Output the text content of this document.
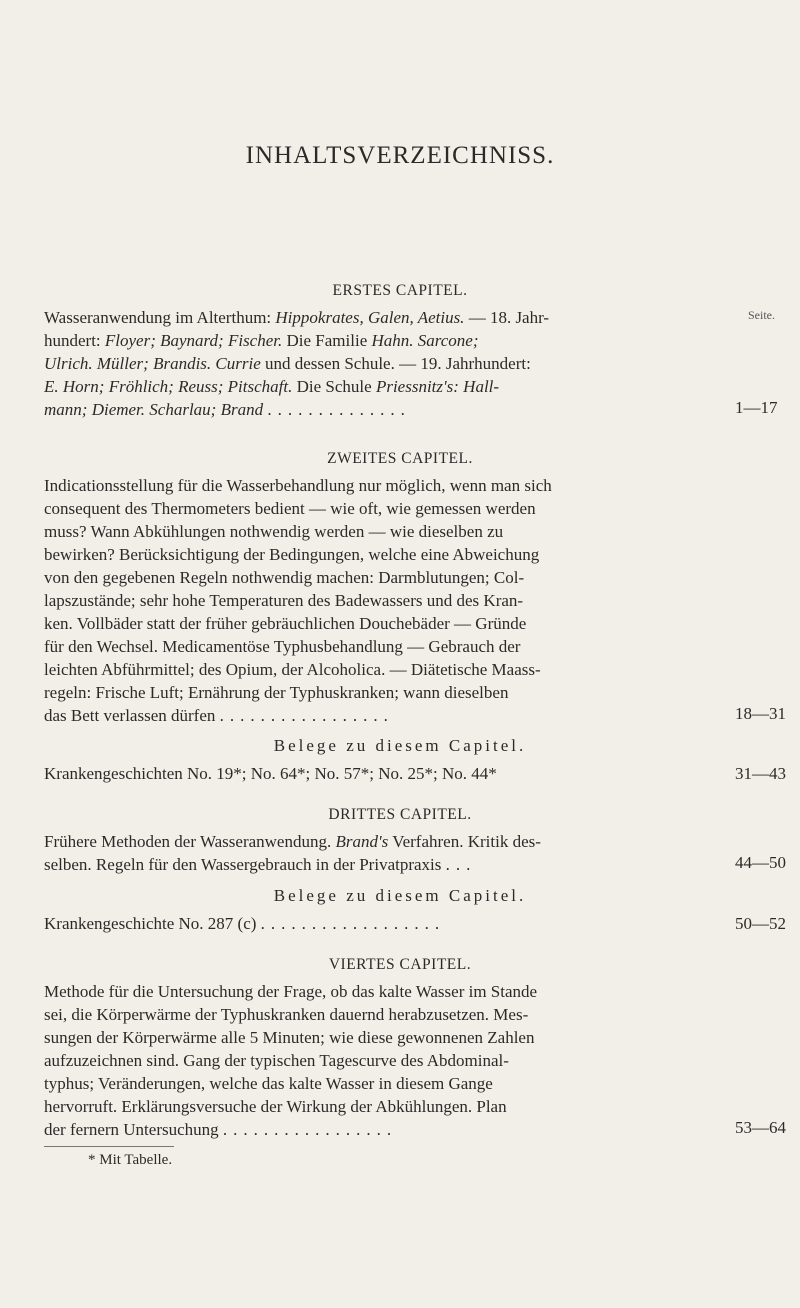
INHALTSVERZEICHNISS.
ERSTES CAPITEL.
Seite.
Wasseranwendung im Alterthum: Hippokrates, Galen, Aetius. — 18. Jahr-
hundert: Floyer; Baynard; Fischer. Die Familie Hahn. Sarcone;
Ulrich. Müller; Brandis. Currie und dessen Schule. — 19. Jahrhundert:
E. Horn; Fröhlich; Reuss; Pitschaft. Die Schule Priessnitz's: Hall-
mann; Diemer. Scharlau; Brand ..............	1—17
ZWEITES CAPITEL.
Indicationsstellung für die Wasserbehandlung nur möglich, wenn man sich
consequent des Thermometers bedient — wie oft, wie gemessen werden
muss? Wann Abkühlungen nothwendig werden — wie dieselben zu
bewirken? Berücksichtigung der Bedingungen, welche eine Abweichung
von den gegebenen Regeln nothwendig machen: Darmblutungen; Col-
lapszustände; sehr hohe Temperaturen des Badewassers und des Kran-
ken. Vollbäder statt der früher gebräuchlichen Douchebäder — Gründe
für den Wechsel. Medicamentöse Typhusbehandlung — Gebrauch der
leichten Abführmittel; des Opium, der Alcoholica. — Diätetische Maass-
regeln: Frische Luft; Ernährung der Typhuskranken; wann dieselben
das Bett verlassen dürfen .................	18—31
Belege zu diesem Capitel.
Krankengeschichten No. 19*; No. 64*; No. 57*; No. 25*; No. 44*	31—43
DRITTES CAPITEL.
Frühere Methoden der Wasseranwendung. Brand's Verfahren. Kritik des-
selben. Regeln für den Wassergebrauch in der Privatpraxis ...	44—50
Belege zu diesem Capitel.
Krankengeschichte No. 287 (c) ..................	50—52
VIERTES CAPITEL.
Methode für die Untersuchung der Frage, ob das kalte Wasser im Stande
sei, die Körperwärme der Typhuskranken dauernd herabzusetzen. Mes-
sungen der Körperwärme alle 5 Minuten; wie diese gewonnenen Zahlen
aufzuzeichnen sind. Gang der typischen Tagescurve des Abdominal-
typhus; Veränderungen, welche das kalte Wasser in diesem Gange
hervorruft. Erklärungsversuche der Wirkung der Abkühlungen. Plan
der fernern Untersuchung .................	53—64
* Mit Tabelle.
